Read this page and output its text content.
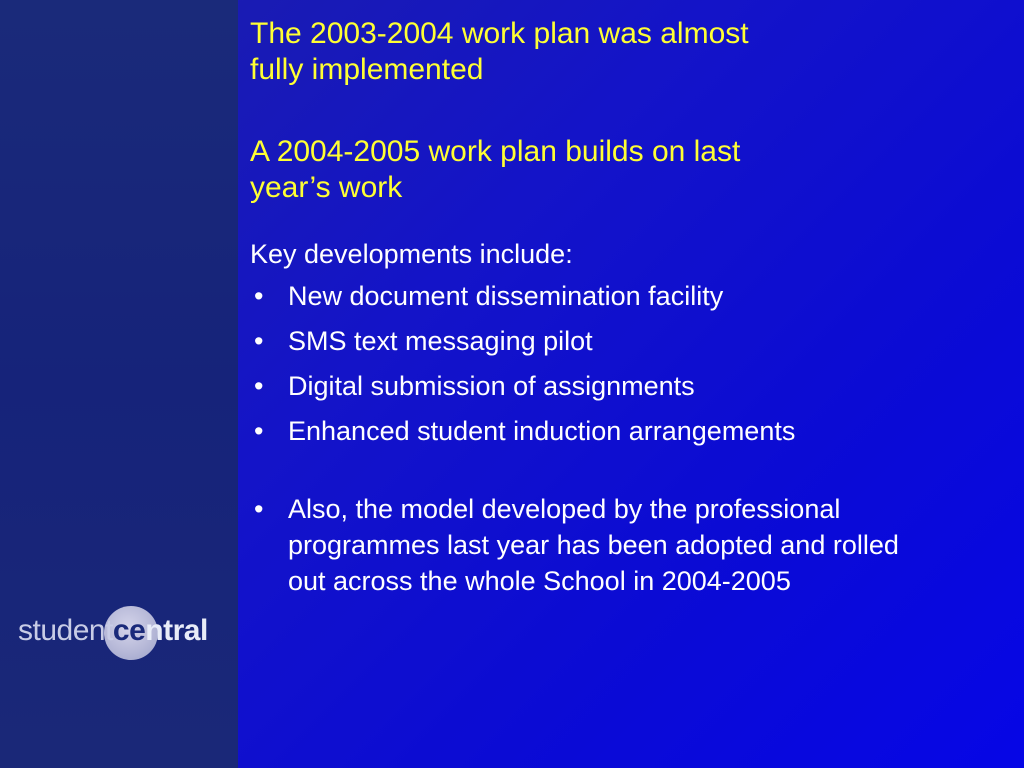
studentcentral

The 2003-2004 work plan was almost

fully implemented

A 2004-2005 work plan builds on last

year’s work

Key developments include:
• New document dissemination facility
• SMS text messaging pilot
• Digital submission of assignments
• Enhanced student induction arrangements
• Also, the model developed by the professional programmes last year has been adopted and rolled out across the whole School in 2004-2005
